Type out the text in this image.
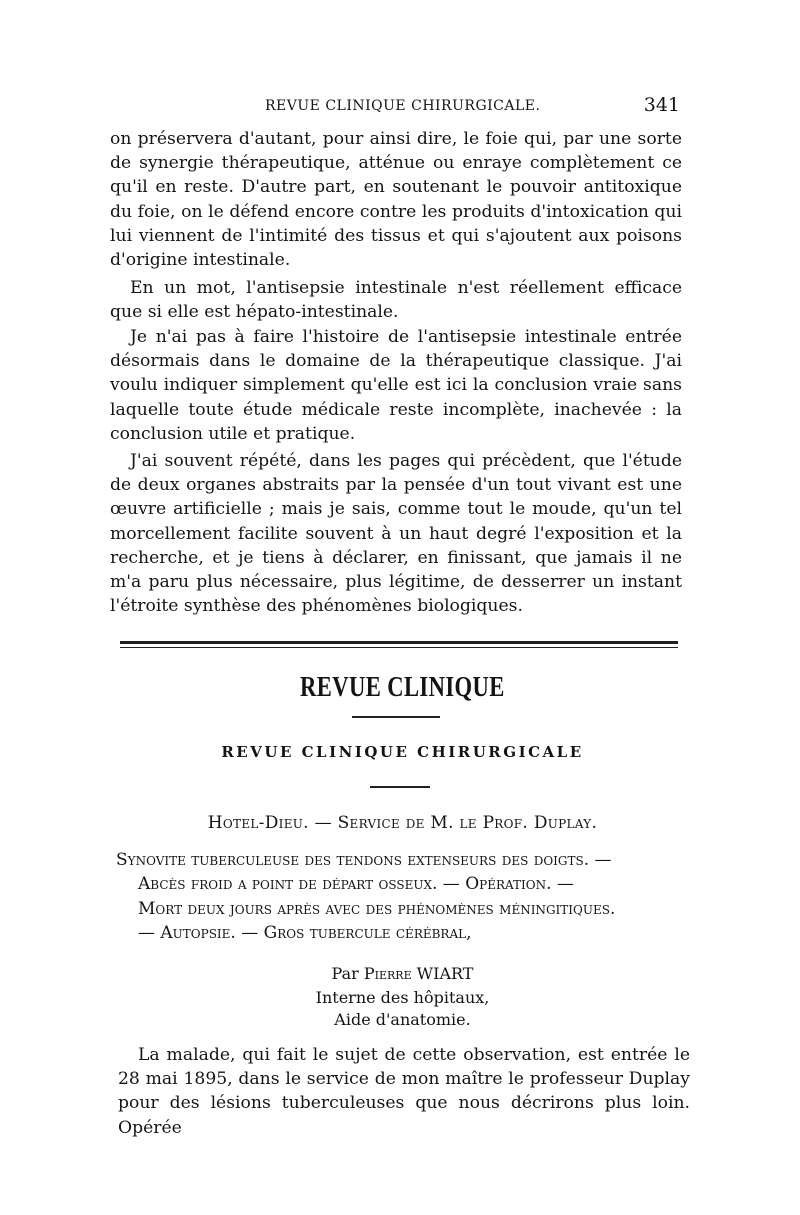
REVUE CLINIQUE CHIRURGICALE.	341

on préservera d'autant, pour ainsi dire, le foie qui, par une sorte de synergie thérapeutique, atténue ou enraye complètement ce qu'il en reste. D'autre part, en soutenant le pouvoir antitoxique du foie, on le défend encore contre les produits d'intoxication qui lui viennent de l'intimité des tissus et qui s'ajoutent aux poisons d'origine intestinale.

En un mot, l'antisepsie intestinale n'est réellement efficace que si elle est hépato-intestinale.

Je n'ai pas à faire l'histoire de l'antisepsie intestinale entrée désormais dans le domaine de la thérapeutique classique. J'ai voulu indiquer simplement qu'elle est ici la conclusion vraie sans laquelle toute étude médicale reste incomplète, inachevée : la conclusion utile et pratique.

J'ai souvent répété, dans les pages qui précèdent, que l'étude de deux organes abstraits par la pensée d'un tout vivant est une œuvre artificielle ; mais je sais, comme tout le moude, qu'un tel morcellement facilite souvent à un haut degré l'exposition et la recherche, et je tiens à déclarer, en finissant, que jamais il ne m'a paru plus nécessaire, plus légitime, de desserrer un instant l'étroite synthèse des phénomènes biologiques.

REVUE CLINIQUE
REVUE CLINIQUE CHIRURGICALE
Hotel-Dieu. — Service de M. le Prof. Duplay.
Synovite tuberculeuse des tendons extenseurs des doigts. —
Abcès froid a point de départ osseux. — Opération. —
Mort deux jours après avec des phénomènes méningitiques.
— Autopsie. — Gros tubercule cérébral,
Par Pierre WIART
Interne des hôpitaux,
Aide d'anatomie.

La malade, qui fait le sujet de cette observation, est entrée le 28 mai 1895, dans le service de mon maître le professeur Duplay pour des lésions tuberculeuses que nous décrirons plus loin. Opérée
